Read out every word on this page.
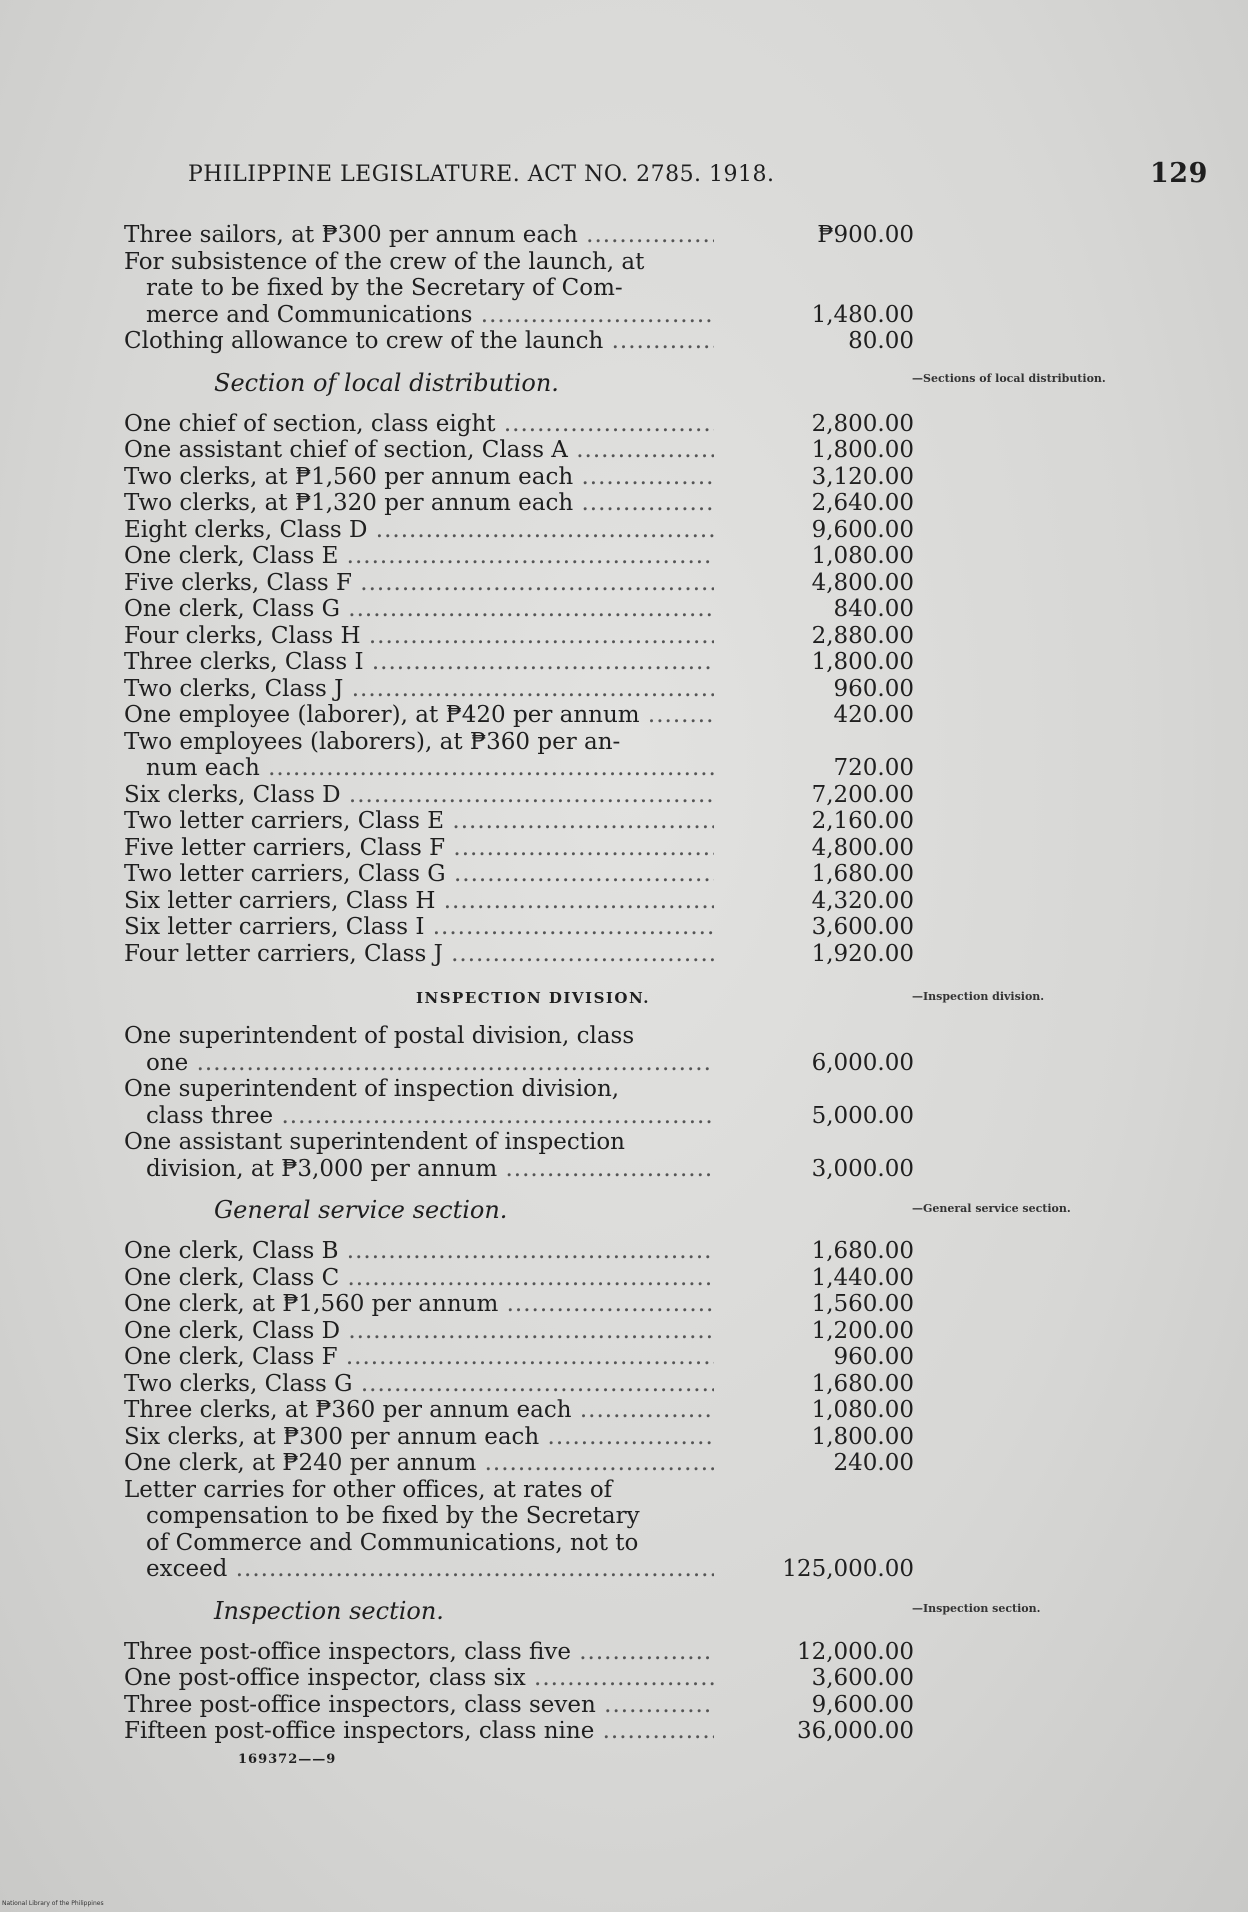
PHILIPPINE LEGISLATURE. ACT NO. 2785. 1918.	129
Three sailors, at ₱300 per annum each .....	₱900.00
For subsistence of the crew of the launch, at
rate to be fixed by the Secretary of Com-
merce and Communications .....	1,480.00
Clothing allowance to crew of the launch .....	80.00
Section of local distribution.
One chief of section, class eight .....	2,800.00
One assistant chief of section, Class A .....	1,800.00
Two clerks, at ₱1,560 per annum each .....	3,120.00
Two clerks, at ₱1,320 per annum each .....	2,640.00
Eight clerks, Class D .....	9,600.00
One clerk, Class E .....	1,080.00
Five clerks, Class F .....	4,800.00
One clerk, Class G .....	840.00
Four clerks, Class H .....	2,880.00
Three clerks, Class I .....	1,800.00
Two clerks, Class J .....	960.00
One employee (laborer), at ₱420 per annum .....	420.00
Two employees (laborers), at ₱360 per an-
num each .....	720.00
Six clerks, Class D .....	7,200.00
Two letter carriers, Class E .....	2,160.00
Five letter carriers, Class F .....	4,800.00
Two letter carriers, Class G .....	1,680.00
Six letter carriers, Class H .....	4,320.00
Six letter carriers, Class I .....	3,600.00
Four letter carriers, Class J .....	1,920.00
INSPECTION DIVISION.
One superintendent of postal division, class
one .....	6,000.00
One superintendent of inspection division,
class three .....	5,000.00
One assistant superintendent of inspection
division, at ₱3,000 per annum .....	3,000.00
General service section.
One clerk, Class B .....	1,680.00
One clerk, Class C .....	1,440.00
One clerk, at ₱1,560 per annum .....	1,560.00
One clerk, Class D .....	1,200.00
One clerk, Class F .....	960.00
Two clerks, Class G .....	1,680.00
Three clerks, at ₱360 per annum each .....	1,080.00
Six clerks, at ₱300 per annum each .....	1,800.00
One clerk, at ₱240 per annum .....	240.00
Letter carries for other offices, at rates of
compensation to be fixed by the Secretary
of Commerce and Communications, not to
exceed .....	125,000.00
Inspection section.
Three post-office inspectors, class five .....	12,000.00
One post-office inspector, class six .....	3,600.00
Three post-office inspectors, class seven .....	9,600.00
Fifteen post-office inspectors, class nine .....	36,000.00
—Sections of local distribution.
—Inspection division.
—General service section.
—Inspection section.
169372——9
National Library of the Philippines
